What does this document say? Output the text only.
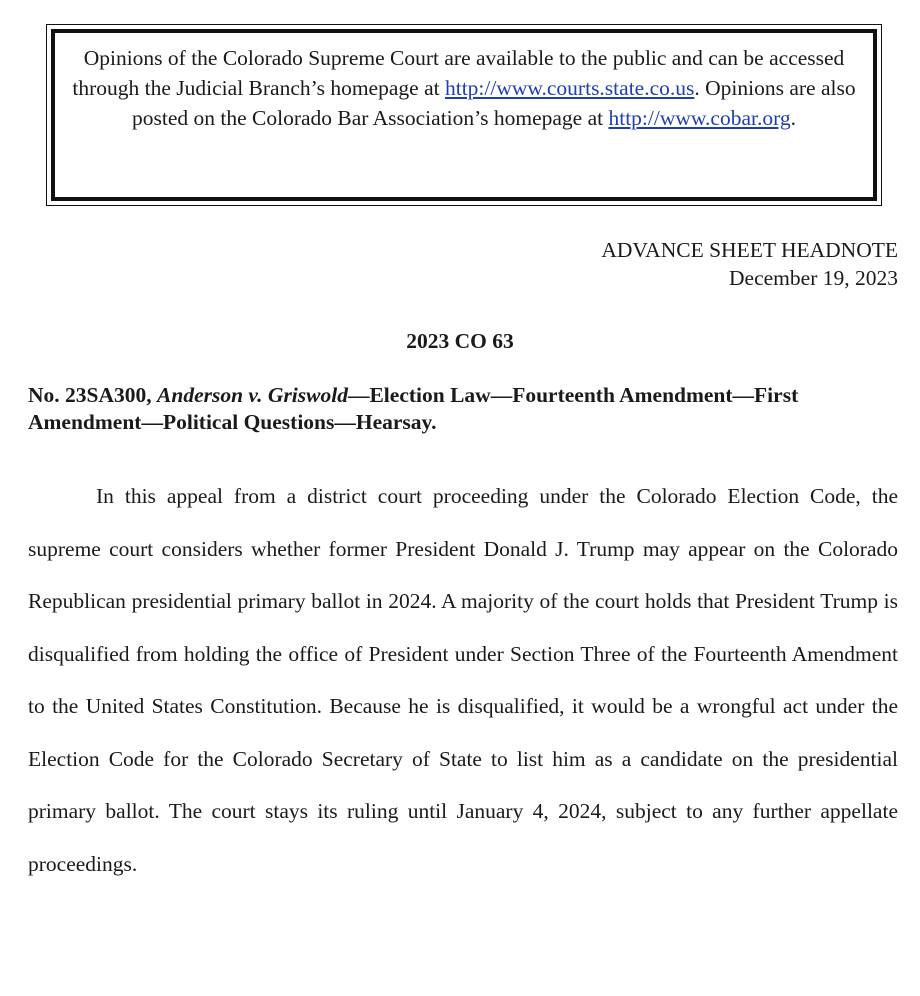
Opinions of the Colorado Supreme Court are available to the public and can be accessed through the Judicial Branch’s homepage at http://www.courts.state.co.us. Opinions are also posted on the Colorado Bar Association’s homepage at http://www.cobar.org.
ADVANCE SHEET HEADNOTE
December 19, 2023
2023 CO 63
No. 23SA300, Anderson v. Griswold—Election Law—Fourteenth Amendment—First Amendment—Political Questions—Hearsay.

In this appeal from a district court proceeding under the Colorado Election Code, the supreme court considers whether former President Donald J. Trump may appear on the Colorado Republican presidential primary ballot in 2024. A majority of the court holds that President Trump is disqualified from holding the office of President under Section Three of the Fourteenth Amendment to the United States Constitution. Because he is disqualified, it would be a wrongful act under the Election Code for the Colorado Secretary of State to list him as a candidate on the presidential primary ballot. The court stays its ruling until January 4, 2024, subject to any further appellate proceedings.
